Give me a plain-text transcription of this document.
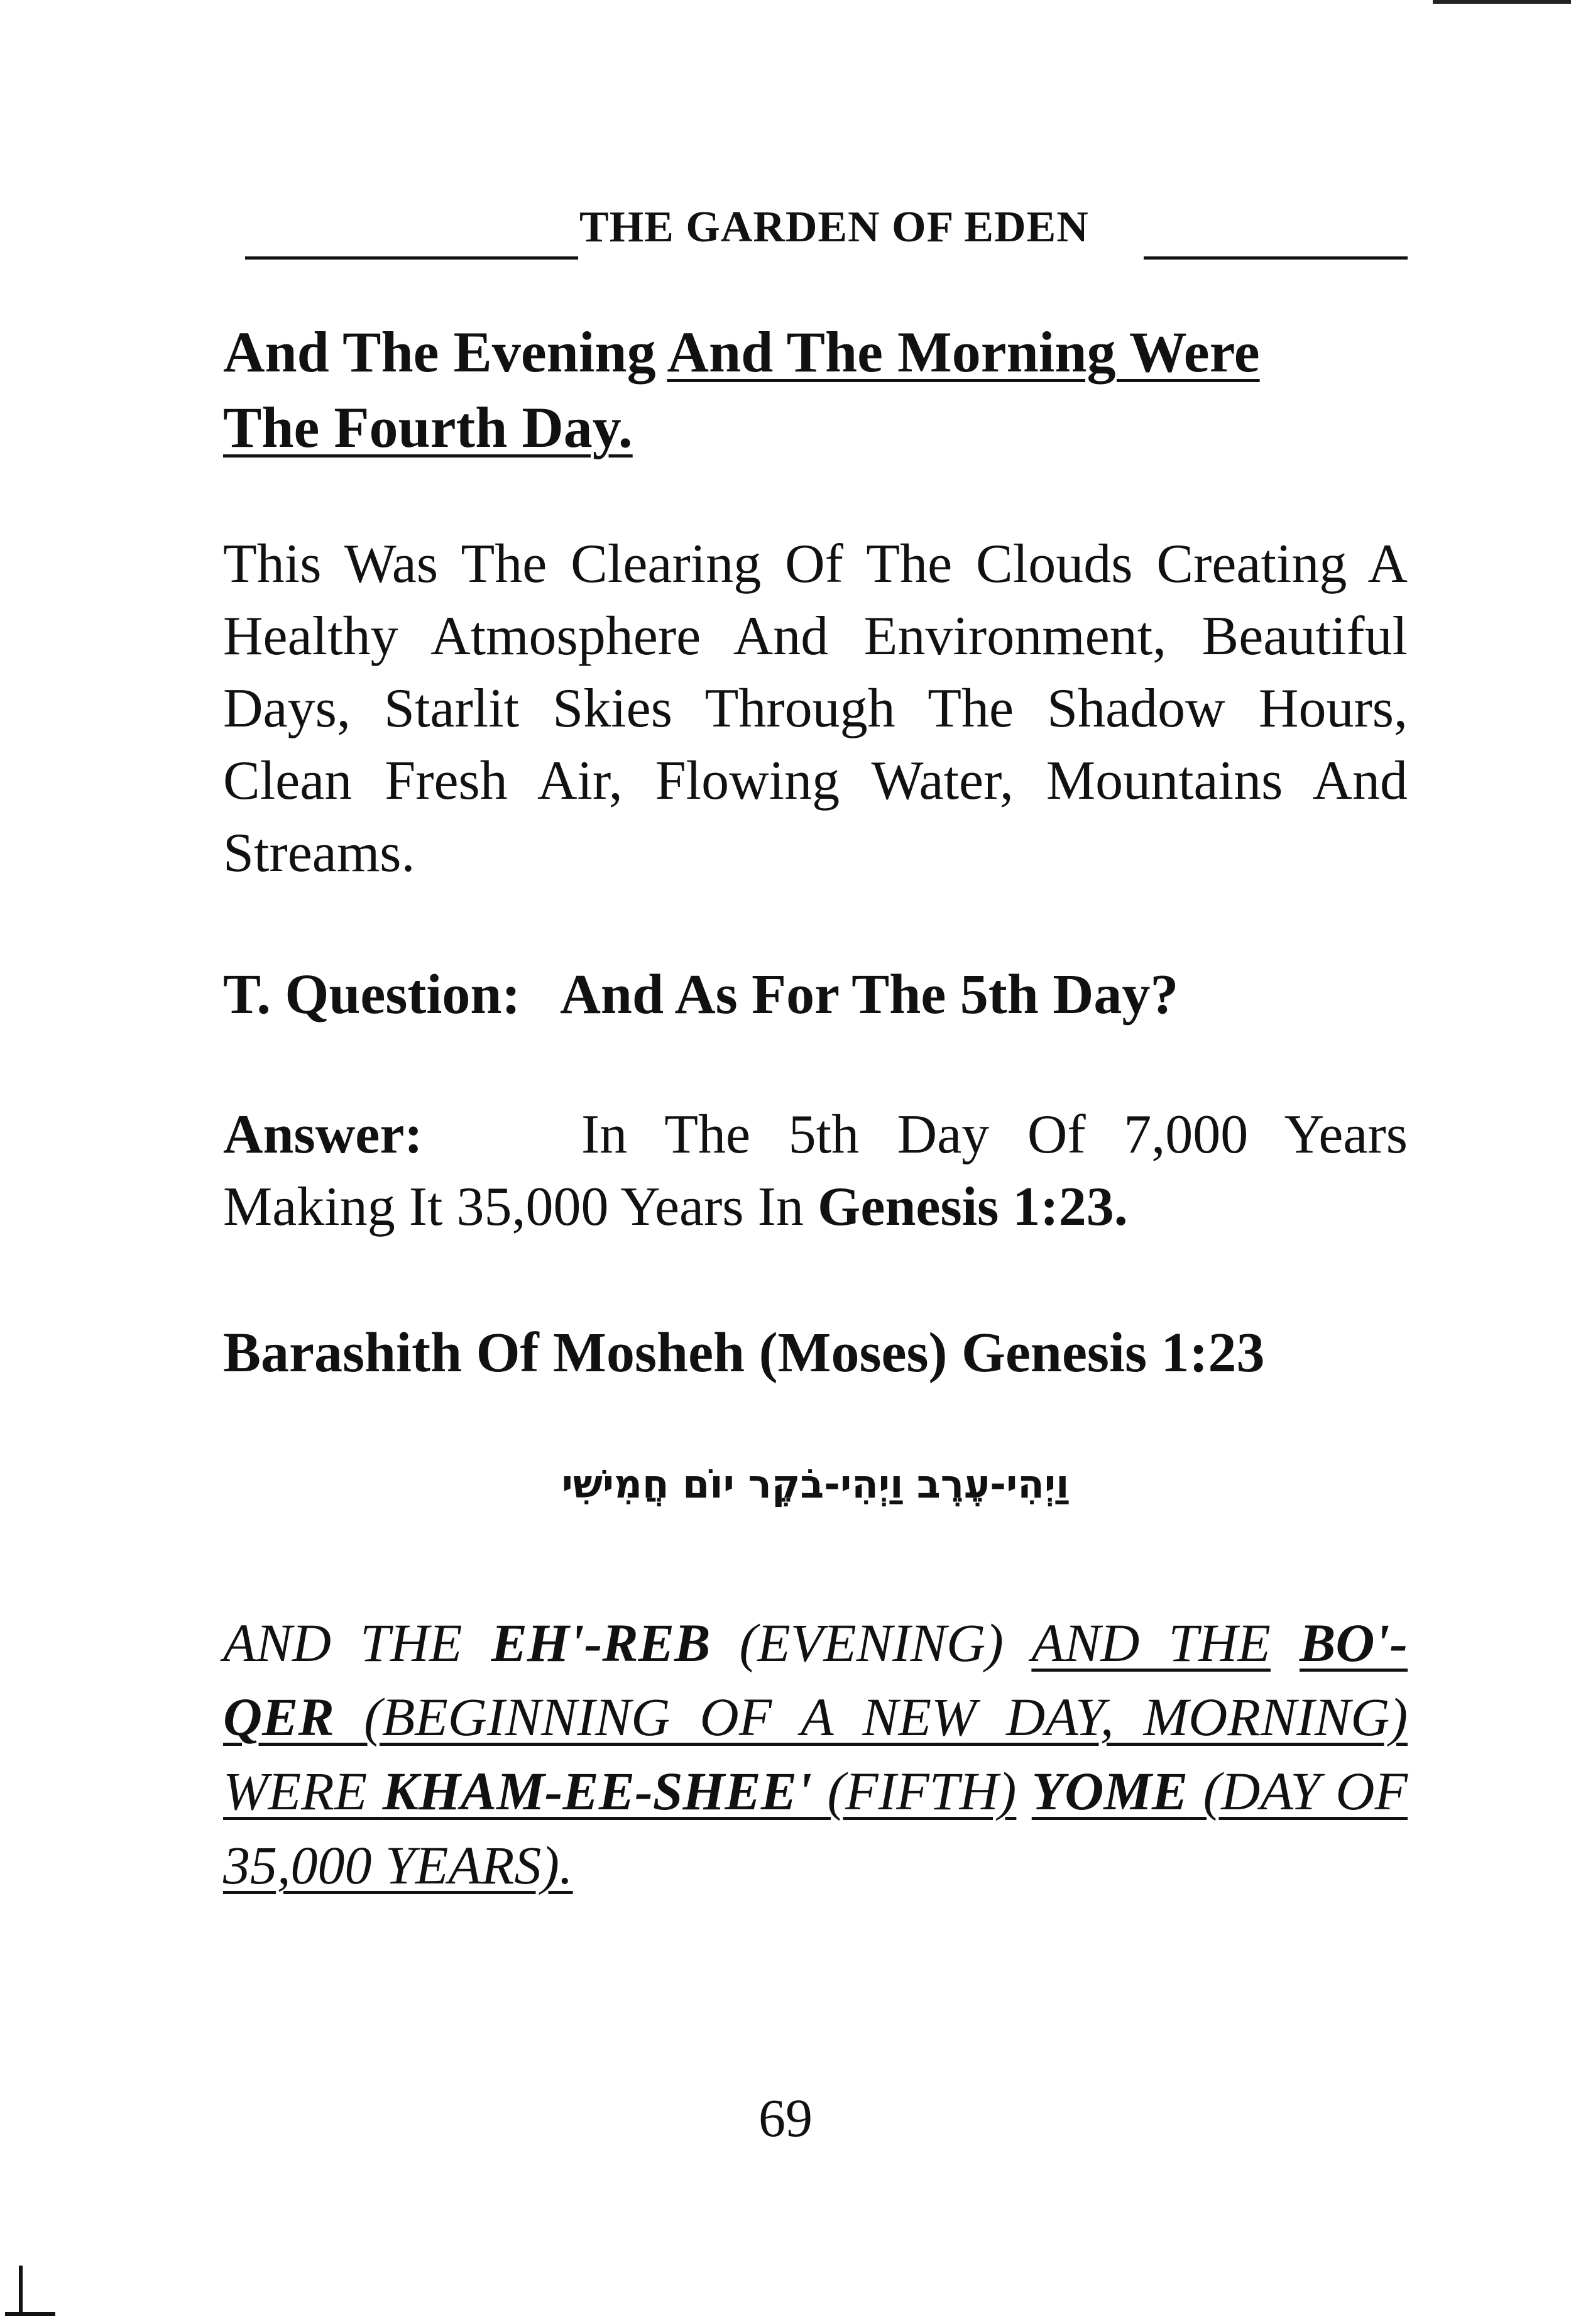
THE GARDEN OF EDEN
And The Evening And The Morning Were
The Fourth Day.
This Was The Clearing Of The Clouds Creating A Healthy Atmosphere And Environment, Beautiful Days, Starlit Skies Through The Shadow Hours, Clean Fresh Air, Flowing Water, Mountains And Streams.
T. Question: And As For The 5th Day?
Answer:	In The 5th Day Of 7,000 Years Making It 35,000 Years In Genesis 1:23.
Barashith Of Mosheh (Moses) Genesis 1:23
וַיְהִי-עֶרֶב וַיְהִי-בֹקֶר יוֹם חֲמִישִׁי
AND THE EH'-REB (EVENING) AND THE BO'-QER (BEGINNING OF A NEW DAY, MORNING) WERE KHAM-EE-SHEE' (FIFTH) YOME (DAY OF 35,000 YEARS).
69
